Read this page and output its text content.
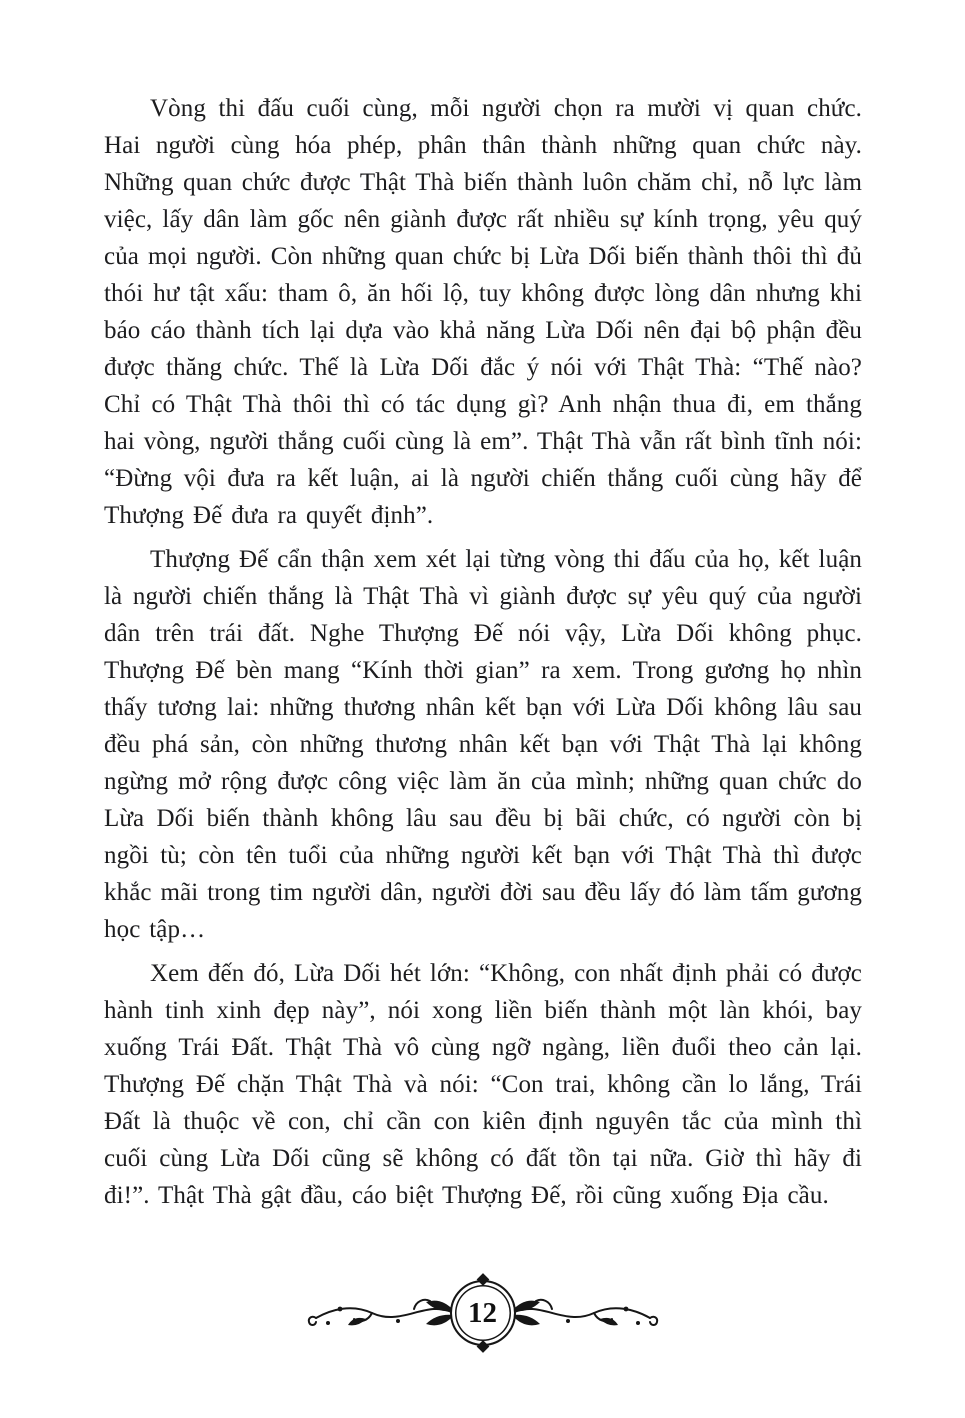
Vòng thi đấu cuối cùng, mỗi người chọn ra mười vị quan chức. Hai người cùng hóa phép, phân thân thành những quan chức này. Những quan chức được Thật Thà biến thành luôn chăm chỉ, nỗ lực làm việc, lấy dân làm gốc nên giành được rất nhiều sự kính trọng, yêu quý của mọi người. Còn những quan chức bị Lừa Dối biến thành thôi thì đủ thói hư tật xấu: tham ô, ăn hối lộ, tuy không được lòng dân nhưng khi báo cáo thành tích lại dựa vào khả năng Lừa Dối nên đại bộ phận đều được thăng chức. Thế là Lừa Dối đắc ý nói với Thật Thà: “Thế nào? Chỉ có Thật Thà thôi thì có tác dụng gì? Anh nhận thua đi, em thắng hai vòng, người thắng cuối cùng là em”. Thật Thà vẫn rất bình tĩnh nói: “Đừng vội đưa ra kết luận, ai là người chiến thắng cuối cùng hãy để Thượng Đế đưa ra quyết định”.

Thượng Đế cẩn thận xem xét lại từng vòng thi đấu của họ, kết luận là người chiến thắng là Thật Thà vì giành được sự yêu quý của người dân trên trái đất. Nghe Thượng Đế nói vậy, Lừa Dối không phục. Thượng Đế bèn mang “Kính thời gian” ra xem. Trong gương họ nhìn thấy tương lai: những thương nhân kết bạn với Lừa Dối không lâu sau đều phá sản, còn những thương nhân kết bạn với Thật Thà lại không ngừng mở rộng được công việc làm ăn của mình; những quan chức do Lừa Dối biến thành không lâu sau đều bị bãi chức, có người còn bị ngồi tù; còn tên tuổi của những người kết bạn với Thật Thà thì được khắc mãi trong tim người dân, người đời sau đều lấy đó làm tấm gương học tập…

Xem đến đó, Lừa Dối hét lớn: “Không, con nhất định phải có được hành tinh xinh đẹp này”, nói xong liền biến thành một làn khói, bay xuống Trái Đất. Thật Thà vô cùng ngỡ ngàng, liền đuổi theo cản lại. Thượng Đế chặn Thật Thà và nói: “Con trai, không cần lo lắng, Trái Đất là thuộc về con, chỉ cần con kiên định nguyên tắc của mình thì cuối cùng Lừa Dối cũng sẽ không có đất tồn tại nữa. Giờ thì hãy đi đi!”. Thật Thà gật đầu, cáo biệt Thượng Đế, rồi cũng xuống Địa cầu.

12
